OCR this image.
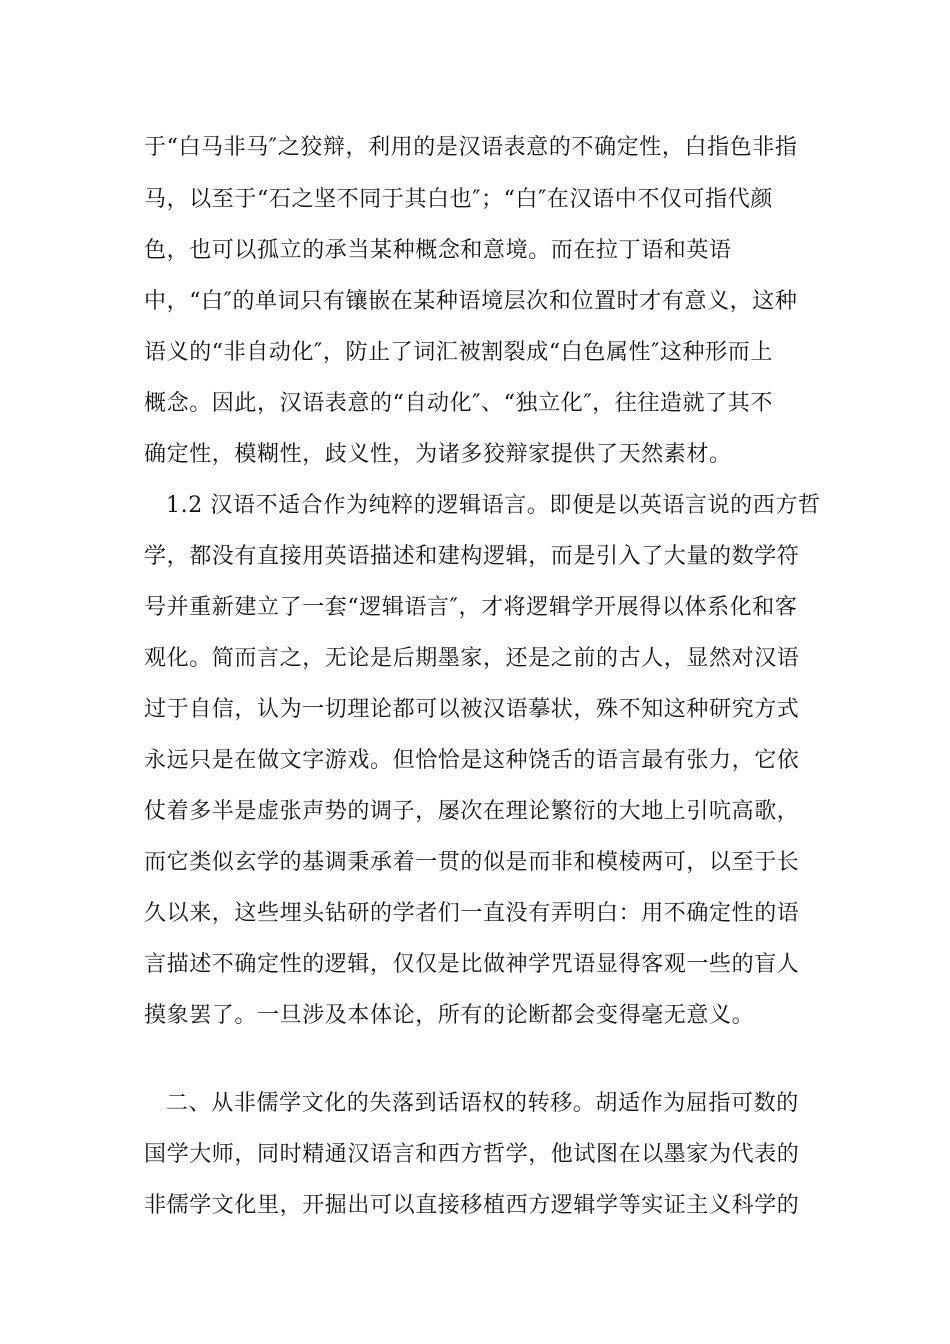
于“白马非马″之狡辩，利用的是汉语表意的不确定性，白指色非指
马，以至于“石之坚不同于其白也″；“白″在汉语中不仅可指代颜
色，也可以孤立的承当某种概念和意境。而在拉丁语和英语
中，“白″的单词只有镶嵌在某种语境层次和位置时才有意义，这种
语义的“非自动化″，防止了词汇被割裂成“白色属性″这种形而上
概念。因此，汉语表意的“自动化″、“独立化″，往往造就了其不
确定性，模糊性，歧义性，为诸多狡辩家提供了天然素材。
1.2 汉语不适合作为纯粹的逻辑语言。即便是以英语言说的西方哲
学，都没有直接用英语描述和建构逻辑，而是引入了大量的数学符
号并重新建立了一套“逻辑语言″，才将逻辑学开展得以体系化和客
观化。简而言之，无论是后期墨家，还是之前的古人，显然对汉语
过于自信，认为一切理论都可以被汉语摹状，殊不知这种研究方式
永远只是在做文字游戏。但恰恰是这种饶舌的语言最有张力，它依
仗着多半是虚张声势的调子，屡次在理论繁衍的大地上引吭高歌，
而它类似玄学的基调秉承着一贯的似是而非和模棱两可，以至于长
久以来，这些埋头钻研的学者们一直没有弄明白：用不确定性的语
言描述不确定性的逻辑，仅仅是比做神学咒语显得客观一些的盲人
摸象罢了。一旦涉及本体论，所有的论断都会变得毫无意义。
二、从非儒学文化的失落到话语权的转移。胡适作为屈指可数的
国学大师，同时精通汉语言和西方哲学，他试图在以墨家为代表的
非儒学文化里，开掘出可以直接移植西方逻辑学等实证主义科学的
